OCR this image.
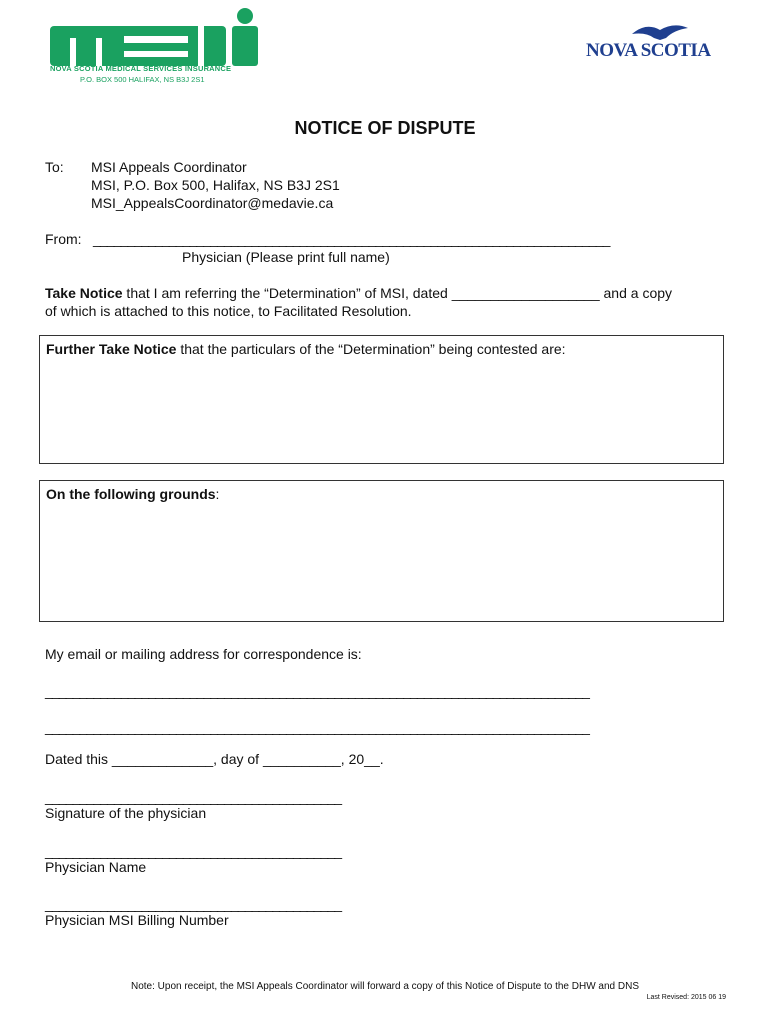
NOVA SCOTIA MEDICAL SERVICES INSURANCE
P.O. BOX 500 HALIFAX, NS B3J 2S1
NOVA SCOTIA
NOTICE OF DISPUTE
To: MSI Appeals Coordinator
MSI, P.O. Box 500, Halifax, NS B3J 2S1
MSI_AppealsCoordinator@medavie.ca
From: ___________________________________________________________________________
Physician (Please print full name)
Take Notice that I am referring the “Determination” of MSI, dated ___________________ and a copy
of which is attached to this notice, to Facilitated Resolution.
Further Take Notice that the particulars of the “Determination” being contested are:
On the following grounds:
My email or mailing address for correspondence is:
_______________________________________________________________________________
_______________________________________________________________________________
Dated this _____________, day of __________, 20__.
___________________________________________
Signature of the physician
___________________________________________
Physician Name
___________________________________________
Physician MSI Billing Number
Note: Upon receipt, the MSI Appeals Coordinator will forward a copy of this Notice of Dispute to the DHW and DNS
Last Revised: 2015 06 19
